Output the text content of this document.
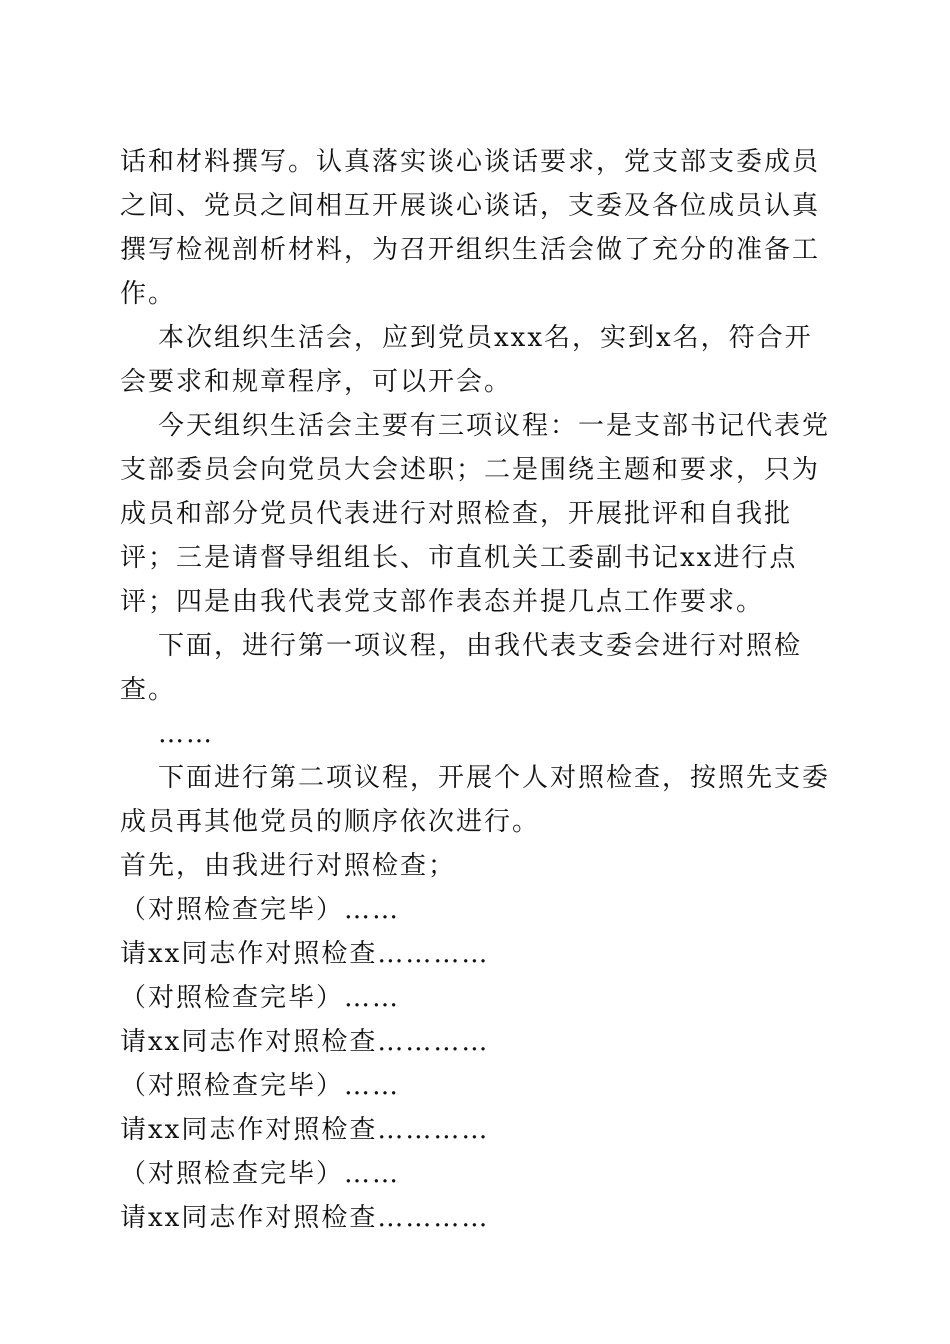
话和材料撰写。认真落实谈心谈话要求，党支部支委成员之间、党员之间相互开展谈心谈话，支委及各位成员认真撰写检视剖析材料，为召开组织生活会做了充分的准备工作。

本次组织生活会，应到党员xxx名，实到x名，符合开会要求和规章程序，可以开会。

今天组织生活会主要有三项议程：一是支部书记代表党支部委员会向党员大会述职；二是围绕主题和要求，只为成员和部分党员代表进行对照检查，开展批评和自我批评；三是请督导组组长、市直机关工委副书记xx进行点评；四是由我代表党支部作表态并提几点工作要求。

下面，进行第一项议程，由我代表支委会进行对照检查。

……

下面进行第二项议程，开展个人对照检查，按照先支委成员再其他党员的顺序依次进行。

首先，由我进行对照检查；

（对照检查完毕）……

请xx同志作对照检查…………

（对照检查完毕）……

请xx同志作对照检查…………

（对照检查完毕）……

请xx同志作对照检查…………

（对照检查完毕）……

请xx同志作对照检查…………
